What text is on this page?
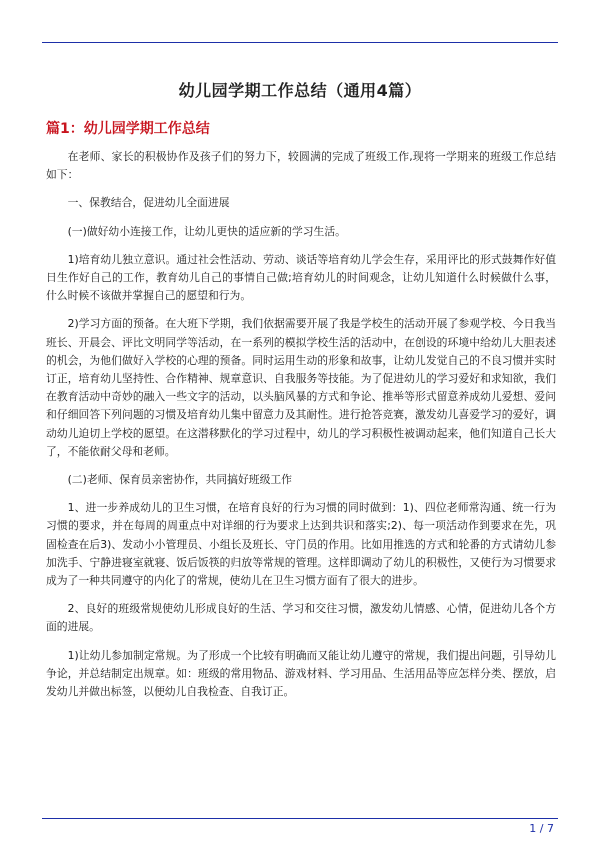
幼儿园学期工作总结（通用4篇）
篇1：幼儿园学期工作总结

在老师、家长的积极协作及孩子们的努力下，较圆满的完成了班级工作,现将一学期来的班级工作总结如下：

一、保教结合，促进幼儿全面进展

(一)做好幼小连接工作，让幼儿更快的适应新的学习生活。

1)培育幼儿独立意识。通过社会性活动、劳动、谈话等培育幼儿学会生存，采用评比的形式鼓舞作好值日生作好自己的工作，教育幼儿自己的事情自己做;培育幼儿的时间观念，让幼儿知道什么时候做什么事，什么时候不该做并掌握自己的愿望和行为。

2)学习方面的预备。在大班下学期，我们依据需要开展了我是学校生的活动开展了参观学校、今日我当班长、开晨会、评比文明同学等活动，在一系列的模拟学校生活的活动中，在创设的环境中给幼儿大胆表述的机会，为他们做好入学校的心理的预备。同时运用生动的形象和故事，让幼儿发觉自己的不良习惯并实时订正，培育幼儿坚持性、合作精神、规章意识、自我服务等技能。为了促进幼儿的学习爱好和求知欲，我们在教育活动中奇妙的融入一些文字的活动，以头脑风暴的方式和争论、推举等形式留意养成幼儿爱想、爱问和仔细回答下列问题的习惯及培育幼儿集中留意力及其耐性。进行抢答竞赛，激发幼儿喜爱学习的爱好，调动幼儿迫切上学校的愿望。在这潜移默化的学习过程中，幼儿的学习积极性被调动起来，他们知道自己长大了，不能依耐父母和老师。

(二)老师、保育员亲密协作，共同搞好班级工作

1、进一步养成幼儿的卫生习惯，在培育良好的行为习惯的同时做到：1)、四位老师常沟通、统一行为习惯的要求，并在每周的周重点中对详细的行为要求上达到共识和落实;2)、每一项活动作到要求在先，巩固检查在后3)、发动小小管理员、小组长及班长、守门员的作用。比如用推选的方式和轮番的方式请幼儿参加洗手、宁静进寝室就寝、饭后饭筷的归放等常规的管理。这样即调动了幼儿的积极性，又使行为习惯要求成为了一种共同遵守的内化了的常规，使幼儿在卫生习惯方面有了很大的进步。

2、良好的班级常规使幼儿形成良好的生活、学习和交往习惯，激发幼儿情感、心情，促进幼儿各个方面的进展。

1)让幼儿参加制定常规。为了形成一个比较有明确而又能让幼儿遵守的常规，我们提出问题，引导幼儿争论，并总结制定出规章。如：班级的常用物品、游戏材料、学习用品、生活用品等应怎样分类、摆放，启发幼儿并做出标签，以便幼儿自我检查、自我订正。

1 / 7
